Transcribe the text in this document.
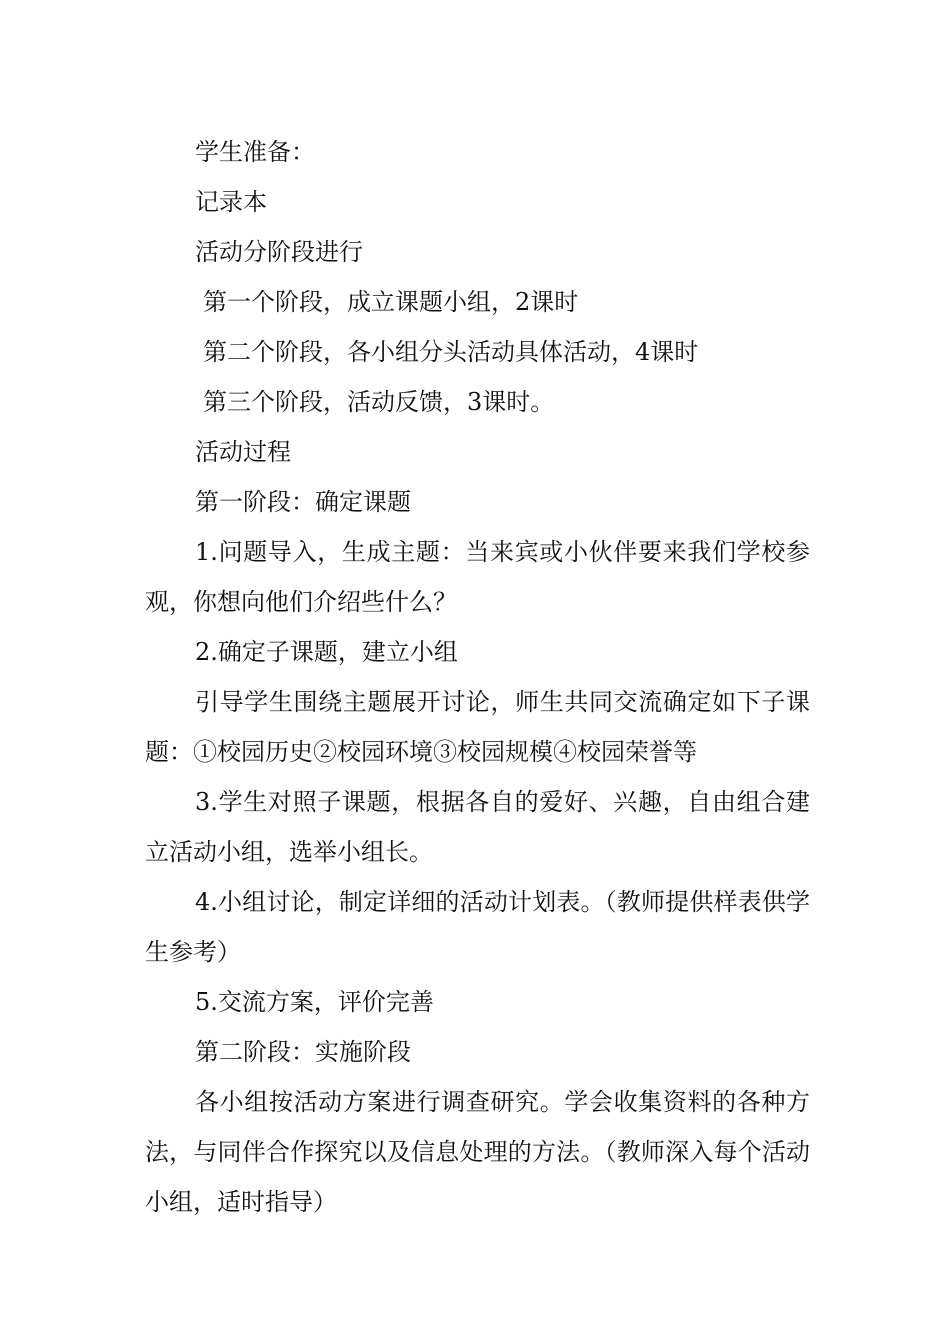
学生准备：

记录本

活动分阶段进行

第一个阶段，成立课题小组，2课时

第二个阶段，各小组分头活动具体活动，4课时

第三个阶段，活动反馈，3课时。

活动过程

第一阶段：确定课题

1.问题导入，生成主题：当来宾或小伙伴要来我们学校参观，你想向他们介绍些什么？

2.确定子课题，建立小组

引导学生围绕主题展开讨论，师生共同交流确定如下子课题：①校园历史②校园环境③校园规模④校园荣誉等

3.学生对照子课题，根据各自的爱好、兴趣，自由组合建立活动小组，选举小组长。

4.小组讨论，制定详细的活动计划表。（教师提供样表供学生参考）

5.交流方案，评价完善

第二阶段：实施阶段

各小组按活动方案进行调查研究。学会收集资料的各种方法，与同伴合作探究以及信息处理的方法。（教师深入每个活动小组，适时指导）
